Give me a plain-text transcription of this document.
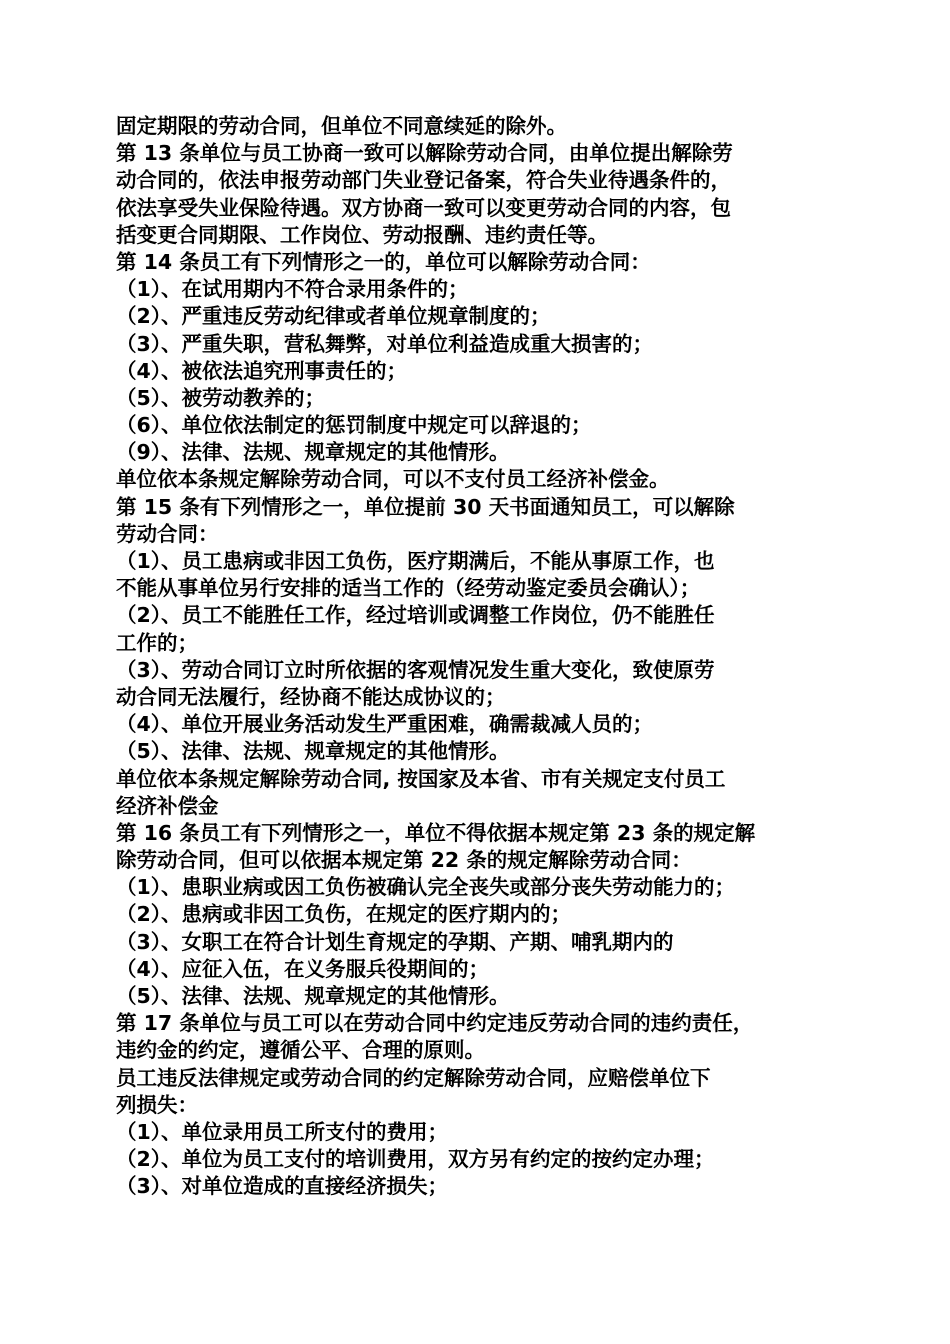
固定期限的劳动合同，但单位不同意续延的除外。
第 13 条单位与员工协商一致可以解除劳动合同，由单位提出解除劳
动合同的，依法申报劳动部门失业登记备案，符合失业待遇条件的，
依法享受失业保险待遇。双方协商一致可以变更劳动合同的内容，包
括变更合同期限、工作岗位、劳动报酬、违约责任等。
第 14 条员工有下列情形之一的，单位可以解除劳动合同：
（1）、在试用期内不符合录用条件的；
（2）、严重违反劳动纪律或者单位规章制度的；
（3）、严重失职，营私舞弊，对单位利益造成重大损害的；
（4）、被依法追究刑事责任的；
（5）、被劳动教养的；
（6）、单位依法制定的惩罚制度中规定可以辞退的；
（9）、法律、法规、规章规定的其他情形。
单位依本条规定解除劳动合同，可以不支付员工经济补偿金。
第 15 条有下列情形之一，单位提前 30 天书面通知员工，可以解除
劳动合同：
（1）、员工患病或非因工负伤，医疗期满后，不能从事原工作，也
不能从事单位另行安排的适当工作的（经劳动鉴定委员会确认）；
（2）、员工不能胜任工作，经过培训或调整工作岗位，仍不能胜任
工作的；
（3）、劳动合同订立时所依据的客观情况发生重大变化，致使原劳
动合同无法履行，经协商不能达成协议的；
（4）、单位开展业务活动发生严重困难，确需裁减人员的；
（5）、法律、法规、规章规定的其他情形。
单位依本条规定解除劳动合同, 按国家及本省、市有关规定支付员工
经济补偿金
第 16 条员工有下列情形之一，单位不得依据本规定第 23 条的规定解
除劳动合同，但可以依据本规定第 22 条的规定解除劳动合同：
（1）、患职业病或因工负伤被确认完全丧失或部分丧失劳动能力的；
（2）、患病或非因工负伤，在规定的医疗期内的；
（3）、女职工在符合计划生育规定的孕期、产期、哺乳期内的
（4）、应征入伍，在义务服兵役期间的；
（5）、法律、法规、规章规定的其他情形。
第 17 条单位与员工可以在劳动合同中约定违反劳动合同的违约责任，
违约金的约定，遵循公平、合理的原则。
员工违反法律规定或劳动合同的约定解除劳动合同，应赔偿单位下
列损失：
（1）、单位录用员工所支付的费用；
（2）、单位为员工支付的培训费用，双方另有约定的按约定办理；
（3）、对单位造成的直接经济损失；
